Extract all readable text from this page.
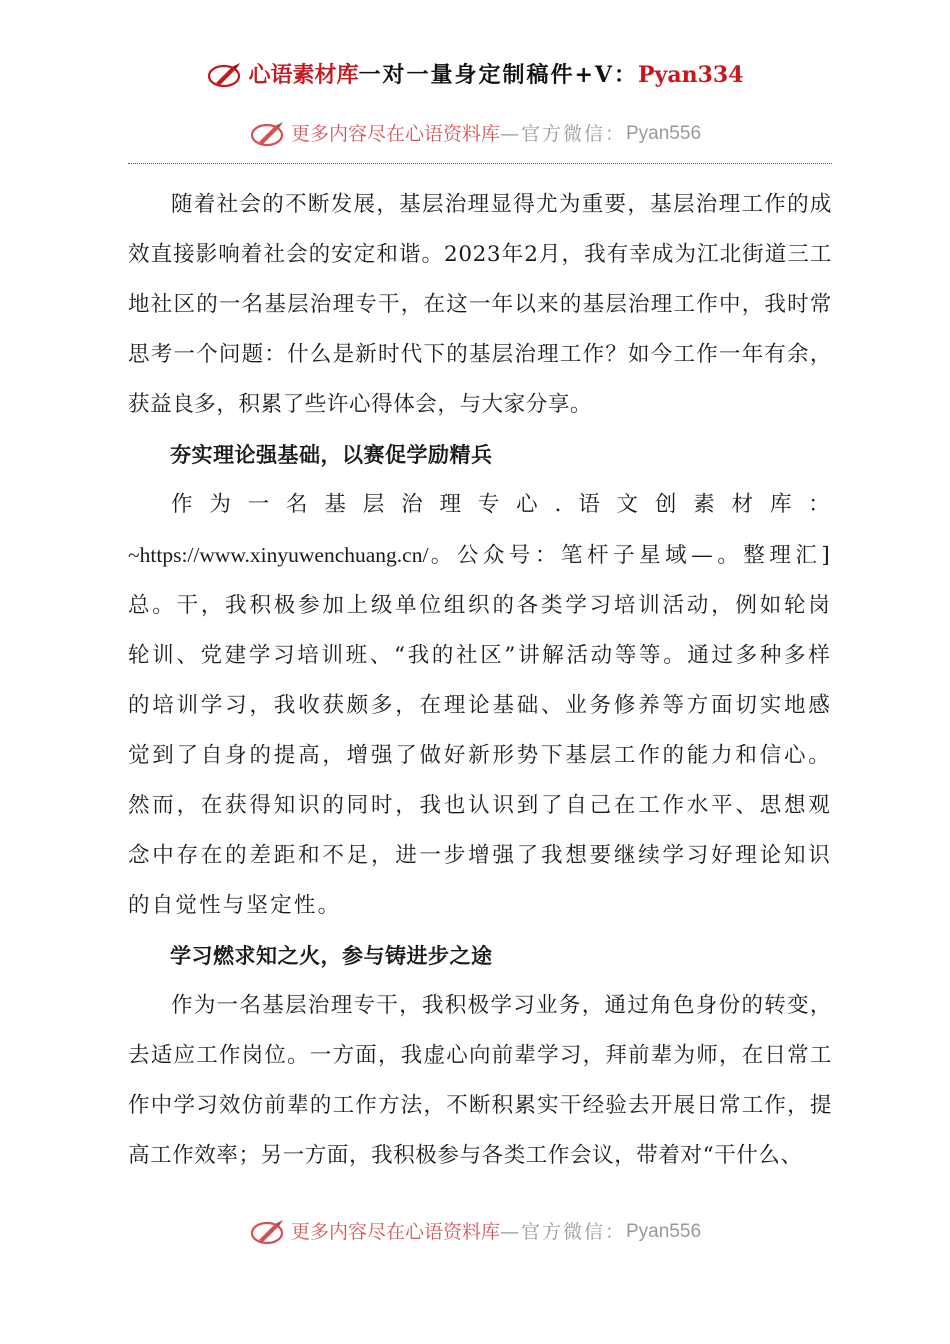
心语素材库一对一量身定制稿件+V：Pyan334
更多内容尽在心语资料库—官方微信：Pyan556

随着社会的不断发展，基层治理显得尤为重要，基层治理工作的成效直接影响着社会的安定和谐。2023年2月，我有幸成为江北街道三工地社区的一名基层治理专干，在这一年以来的基层治理工作中，我时常思考一个问题：什么是新时代下的基层治理工作？如今工作一年有余，获益良多，积累了些许心得体会，与大家分享。

夯实理论强基础，以赛促学励精兵

作为一名基层治理专心.语文创素材库：~https://www.xinyuwenchuang.cn/。公众号：笔杆子星域—。整理汇]总。干，我积极参加上级单位组织的各类学习培训活动，例如轮岗轮训、党建学习培训班、“我的社区”讲解活动等等。通过多种多样的培训学习，我收获颇多，在理论基础、业务修养等方面切实地感觉到了自身的提高，增强了做好新形势下基层工作的能力和信心。然而，在获得知识的同时，我也认识到了自己在工作水平、思想观念中存在的差距和不足，进一步增强了我想要继续学习好理论知识的自觉性与坚定性。

学习燃求知之火，参与铸进步之途

作为一名基层治理专干，我积极学习业务，通过角色身份的转变，去适应工作岗位。一方面，我虚心向前辈学习，拜前辈为师，在日常工作中学习效仿前辈的工作方法，不断积累实干经验去开展日常工作，提高工作效率；另一方面，我积极参与各类工作会议，带着对“干什么、

更多内容尽在心语资料库—官方微信：Pyan556
